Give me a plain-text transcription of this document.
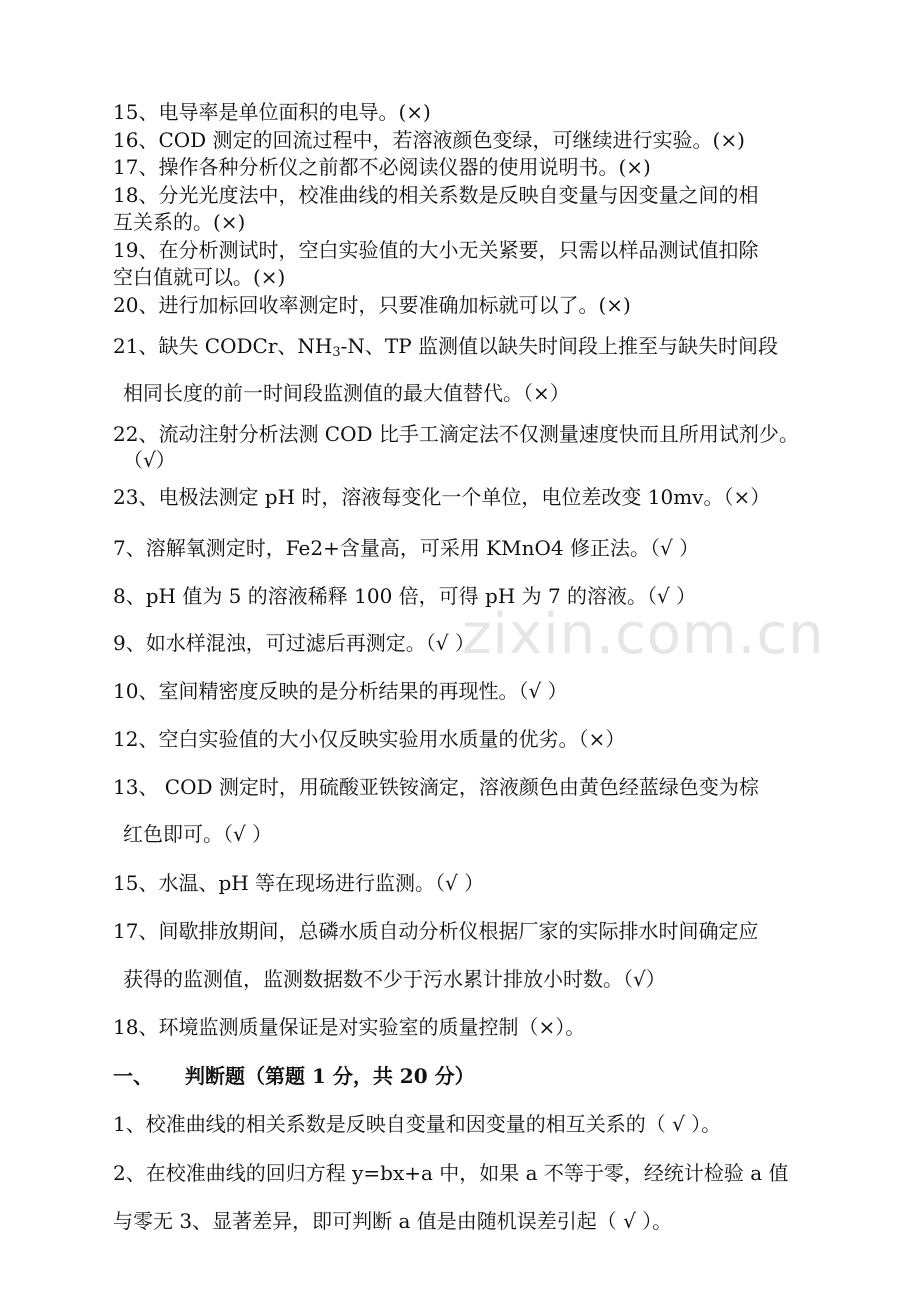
zixin.com.cn
15、电导率是单位面积的电导。(×)
16、COD 测定的回流过程中，若溶液颜色变绿，可继续进行实验。(×)
17、操作各种分析仪之前都不必阅读仪器的使用说明书。(×)
18、分光光度法中，校准曲线的相关系数是反映自变量与因变量之间的相
互关系的。(×)
19、在分析测试时，空白实验值的大小无关紧要，只需以样品测试值扣除
空白值就可以。(×)
20、进行加标回收率测定时，只要准确加标就可以了。(×)
21、缺失 CODCr、$NH_3-N$、TP 监测值以缺失时间段上推至与缺失时间段
相同长度的前一时间段监测值的最大值替代。（×）
22、流动注射分析法测 COD 比手工滴定法不仅测量速度快而且所用试剂少。
（√）
23、电极法测定 pH 时，溶液每变化一个单位，电位差改变 10mv。（×）
7、溶解氧测定时，Fe2+含量高，可采用 KMnO4 修正法。（√ ）
8、pH 值为 5 的溶液稀释 100 倍，可得 pH 为 7 的溶液。（√ ）
9、如水样混浊，可过滤后再测定。（√ ）
10、室间精密度反映的是分析结果的再现性。（√ ）
12、空白实验值的大小仅反映实验用水质量的优劣。（×）
13、 COD 测定时，用硫酸亚铁铵滴定，溶液颜色由黄色经蓝绿色变为棕
红色即可。（√ ）
15、水温、pH 等在现场进行监测。（√ ）
17、间歇排放期间，总磷水质自动分析仪根据厂家的实际排水时间确定应
获得的监测值，监测数据数不少于污水累计排放小时数。（√）
18、环境监测质量保证是对实验室的质量控制（×）。
一、 判断题（第题 1 分，共 20 分）
1、校准曲线的相关系数是反映自变量和因变量的相互关系的（ √ ）。
2、在校准曲线的回归方程 y=bx+a 中，如果 a 不等于零，经统计检验 a 值
与零无 3、显著差异，即可判断 a 值是由随机误差引起（ √ ）。
